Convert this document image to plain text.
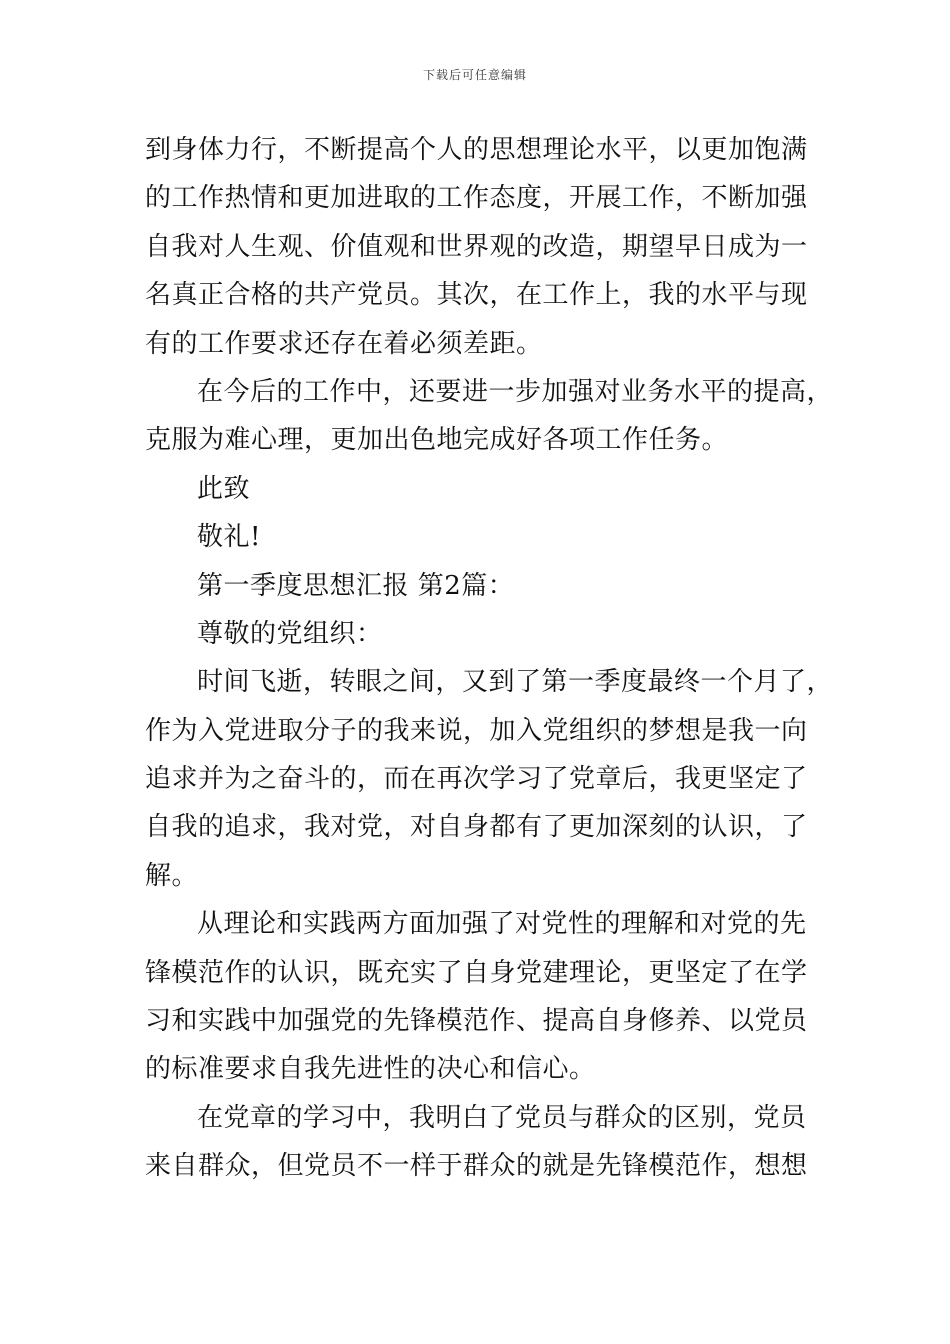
下载后可任意编辑
到身体力行，不断提高个人的思想理论水平，以更加饱满
的工作热情和更加进取的工作态度，开展工作，不断加强
自我对人生观、价值观和世界观的改造，期望早日成为一
名真正合格的共产党员。其次，在工作上，我的水平与现
有的工作要求还存在着必须差距。
在今后的工作中，还要进一步加强对业务水平的提高，
克服为难心理，更加出色地完成好各项工作任务。
此致
敬礼!
第一季度思想汇报 第2篇：
尊敬的党组织：
时间飞逝，转眼之间，又到了第一季度最终一个月了，
作为入党进取分子的我来说，加入党组织的梦想是我一向
追求并为之奋斗的，而在再次学习了党章后，我更坚定了
自我的追求，我对党，对自身都有了更加深刻的认识，了
解。
从理论和实践两方面加强了对党性的理解和对党的先
锋模范作的认识，既充实了自身党建理论，更坚定了在学
习和实践中加强党的先锋模范作、提高自身修养、以党员
的标准要求自我先进性的决心和信心。
在党章的学习中，我明白了党员与群众的区别，党员
来自群众，但党员不一样于群众的就是先锋模范作，想想
